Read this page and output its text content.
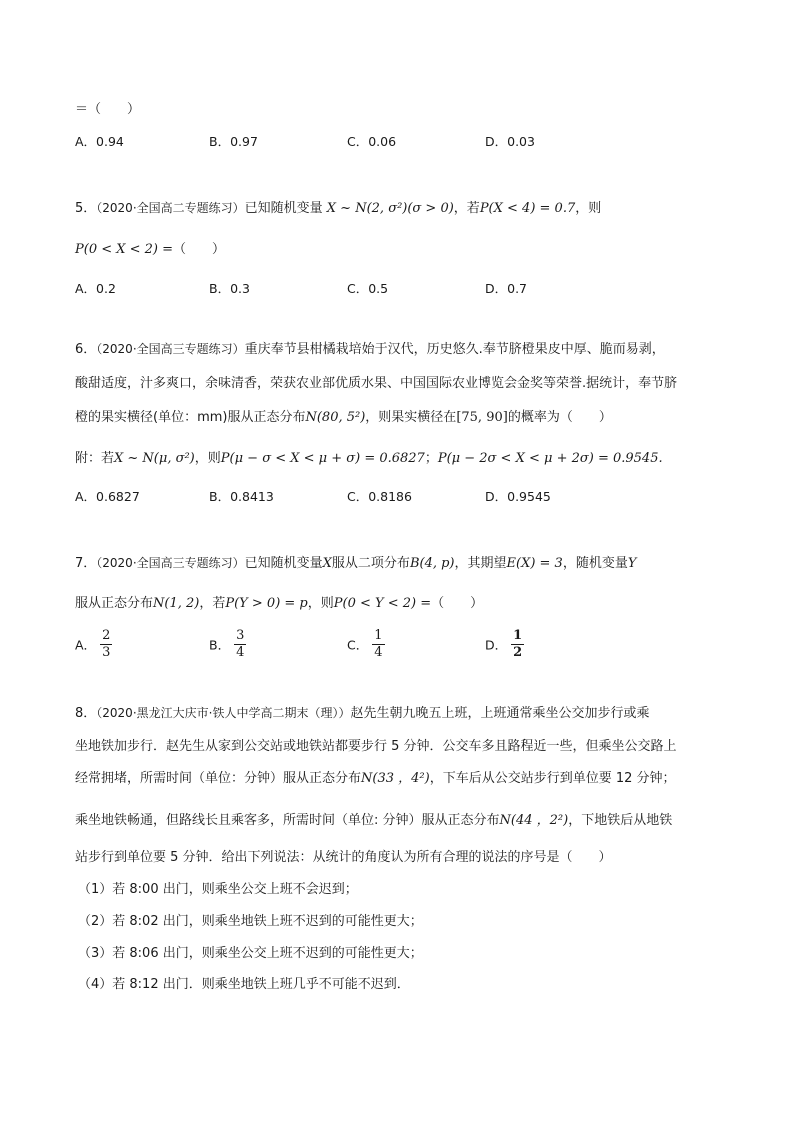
＝（　　）
A．0.94	B．0.97	C．0.06	D．0.03
5．（2020·全国高二专题练习）已知随机变量 X ~ N(2, σ²)(σ > 0)，若P(X < 4) = 0.7，则
P(0 < X < 2) =（　　）
A．0.2	B．0.3	C．0.5	D．0.7
6．（2020·全国高三专题练习）重庆奉节县柑橘栽培始于汉代，历史悠久.奉节脐橙果皮中厚、脆而易剥，
酸甜适度，汁多爽口，余味清香，荣获农业部优质水果、中国国际农业博览会金奖等荣誉.据统计，奉节脐
橙的果实横径(单位：mm)服从正态分布N(80, 5²)，则果实横径在[75, 90]的概率为（　　）
附：若X ~ N(μ, σ²)，则P(μ − σ < X < μ + σ) = 0.6827；P(μ − 2σ < X < μ + 2σ) = 0.9545.
A．0.6827	B．0.8413	C．0.8186	D．0.9545
7．（2020·全国高三专题练习）已知随机变量X服从二项分布B(4, p)，其期望E(X) = 3，随机变量Y
服从正态分布N(1, 2)，若P(Y > 0) = p，则P(0 < Y < 2) =（　　）
A． $\frac{2}{3}$	B． $\frac{3}{4}$	C． $\frac{1}{4}$	D． $\frac{1}{2}$
8．（2020·黑龙江大庆市·铁人中学高二期末（理））赵先生朝九晚五上班，上班通常乘坐公交加步行或乘
坐地铁加步行．赵先生从家到公交站或地铁站都要步行 5 分钟．公交车多且路程近一些，但乘坐公交路上
经常拥堵，所需时间（单位：分钟）服从正态分布N(33 ，4²)，下车后从公交站步行到单位要 12 分钟；
乘坐地铁畅通，但路线长且乘客多，所需时间（单位: 分钟）服从正态分布N(44 ，2²)，下地铁后从地铁
站步行到单位要 5 分钟．给出下列说法：从统计的角度认为所有合理的说法的序号是（　　）
（1）若 8:00 出门，则乘坐公交上班不会迟到；
（2）若 8:02 出门，则乘坐地铁上班不迟到的可能性更大；
（3）若 8:06 出门，则乘坐公交上班不迟到的可能性更大；
（4）若 8:12 出门．则乘坐地铁上班几乎不可能不迟到．
